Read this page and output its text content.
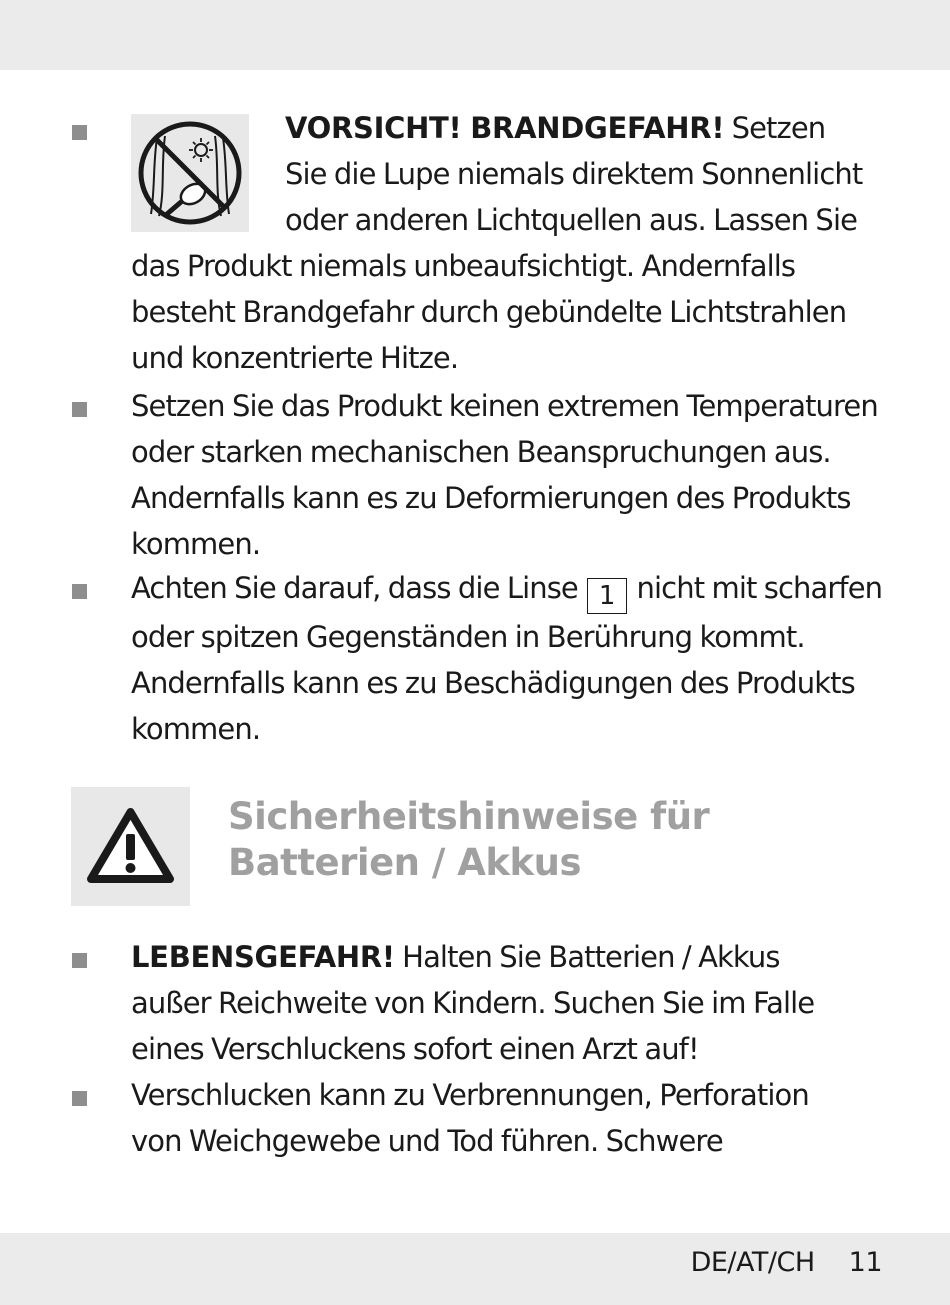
VORSICHT! BRANDGEFAHR! Setzen
Sie die Lupe niemals direktem Sonnenlicht
oder anderen Lichtquellen aus. Lassen Sie
das Produkt niemals unbeaufsichtigt. Andernfalls
besteht Brandgefahr durch gebündelte Lichtstrahlen
und konzentrierte Hitze.
Setzen Sie das Produkt keinen extremen Temperaturen
oder starken mechanischen Beanspruchungen aus.
Andernfalls kann es zu Deformierungen des Produkts
kommen.
Achten Sie darauf, dass die Linse 1 nicht mit scharfen
oder spitzen Gegenständen in Berührung kommt.
Andernfalls kann es zu Beschädigungen des Produkts
kommen.
Sicherheitshinweise für
Batterien / Akkus
LEBENSGEFAHR! Halten Sie Batterien / Akkus
außer Reichweite von Kindern. Suchen Sie im Falle
eines Verschluckens sofort einen Arzt auf!
Verschlucken kann zu Verbrennungen, Perforation
von Weichgewebe und Tod führen. Schwere
DE/AT/CH 11
